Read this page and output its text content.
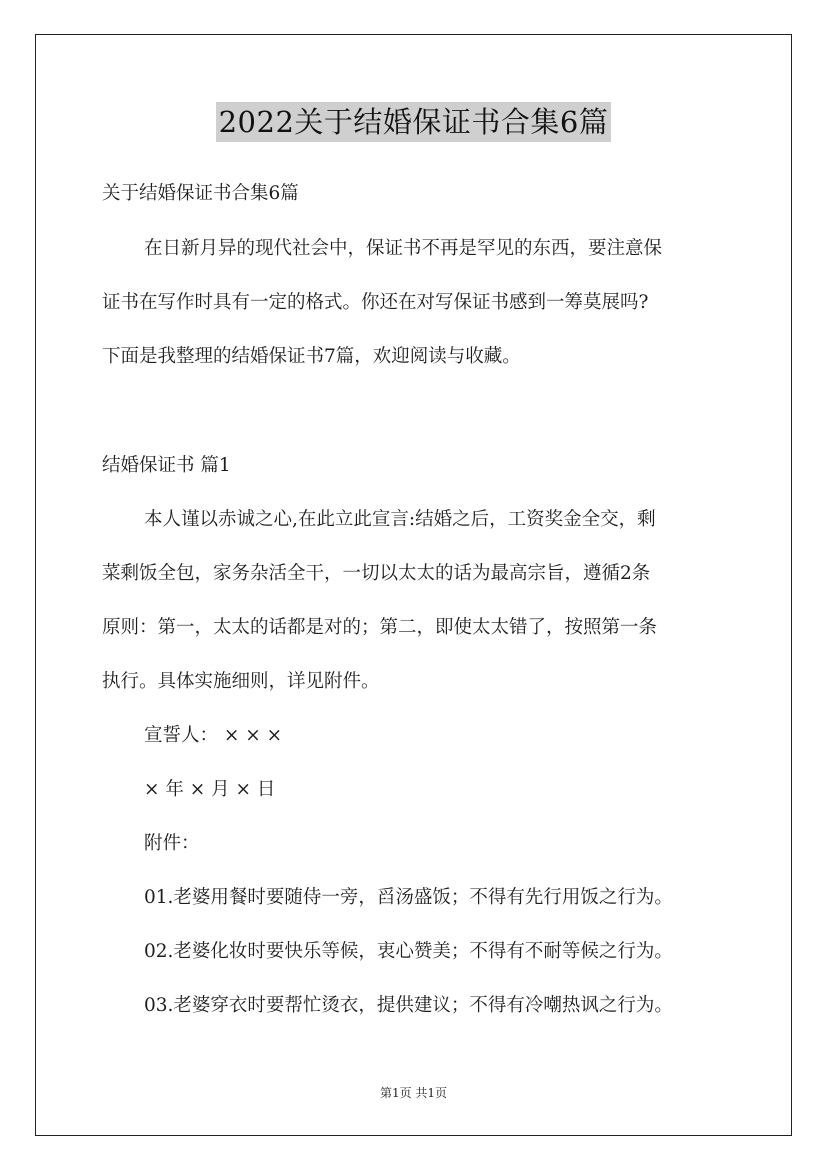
2022关于结婚保证书合集6篇
关于结婚保证书合集6篇
在日新月异的现代社会中，保证书不再是罕见的东西，要注意保
证书在写作时具有一定的格式。你还在对写保证书感到一筹莫展吗?
下面是我整理的结婚保证书7篇，欢迎阅读与收藏。
结婚保证书 篇1
本人谨以赤诚之心,在此立此宣言:结婚之后，工资奖金全交，剩
菜剩饭全包，家务杂活全干，一切以太太的话为最高宗旨，遵循2条
原则：第一，太太的话都是对的；第二，即使太太错了，按照第一条
执行。具体实施细则，详见附件。
宣誓人： × × ×
× 年 × 月 × 日
附件：
01.老婆用餐时要随侍一旁，舀汤盛饭；不得有先行用饭之行为。
02.老婆化妆时要快乐等候，衷心赞美；不得有不耐等候之行为。
03.老婆穿衣时要帮忙烫衣，提供建议；不得有冷嘲热讽之行为。
第1页 共1页
